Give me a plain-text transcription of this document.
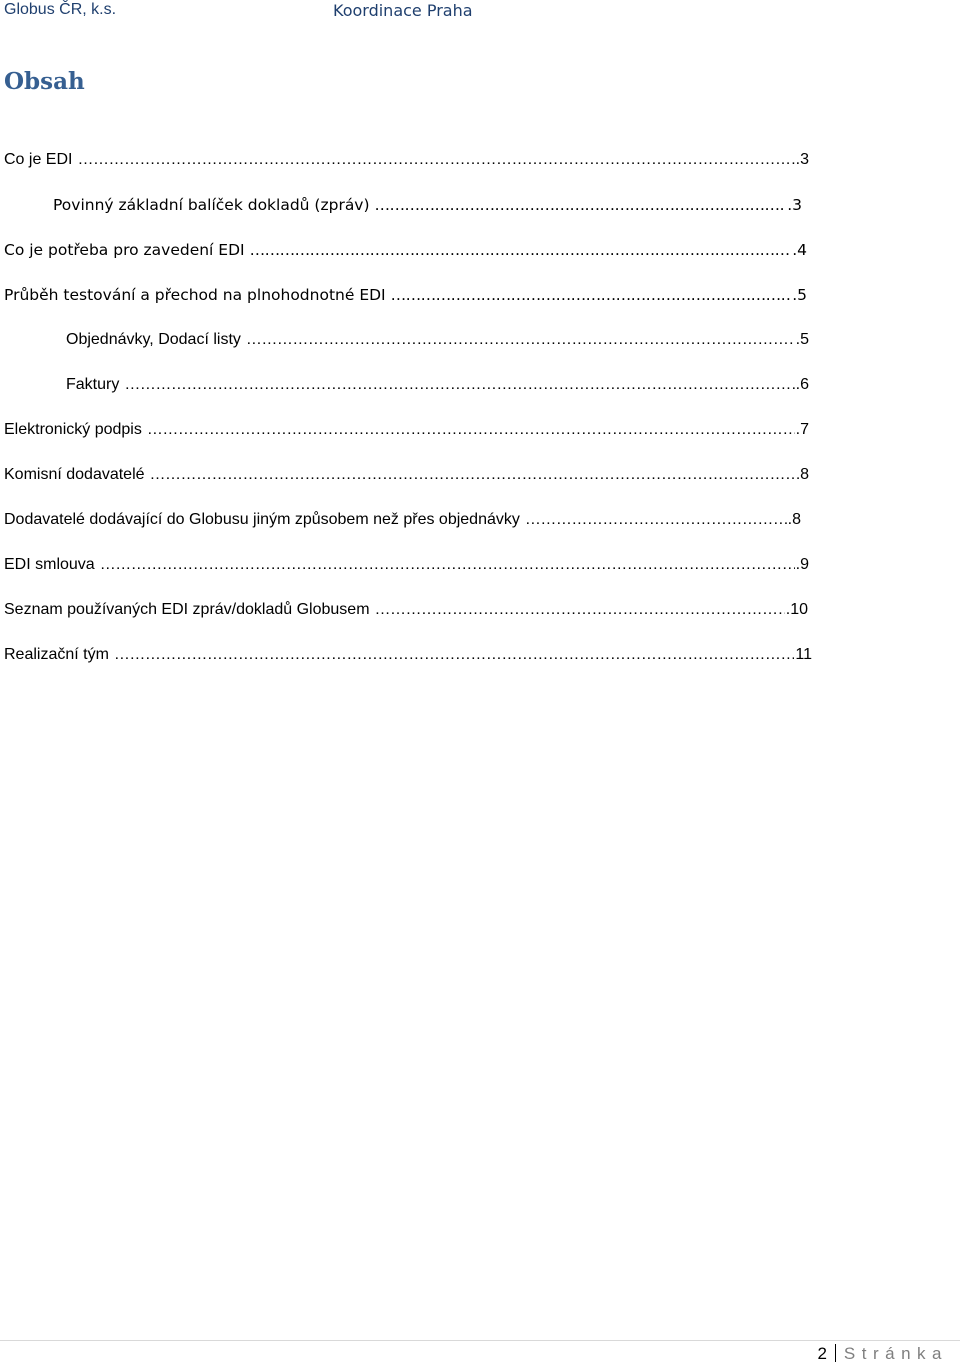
Globus ČR, k.s.	Koordinace Praha
Obsah
Co je EDI …………………………………………………………………………………………………………………………………………………………………………………………………………………………………………………………	.3
Povinný základní balíček dokladů (zpráv) …………………………………………………………………………………………………………………………………………………………………………………………………………………………………………………………	.3
Co je potřeba pro zavedení EDI …………………………………………………………………………………………………………………………………………………………………………………………………………………………………………………………	.4
Průběh testování a přechod na plnohodnotné EDI …………………………………………………………………………………………………………………………………………………………………………………………………………………………………………………………	.5
Objednávky, Dodací listy …………………………………………………………………………………………………………………………………………………………………………………………………………………………………………………………	.5
Faktury …………………………………………………………………………………………………………………………………………………………………………………………………………………………………………………………	.6
Elektronický podpis …………………………………………………………………………………………………………………………………………………………………………………………………………………………………………………………	.7
Komisní dodavatelé …………………………………………………………………………………………………………………………………………………………………………………………………………………………………………………………	8
Dodavatelé dodávající do Globusu jiným způsobem než přes objednávky …………………………………………………………………………………………………………………………………………………………………………………………………………………………………………………………	.8
EDI smlouva …………………………………………………………………………………………………………………………………………………………………………………………………………………………………………………………	.9
Seznam používaných EDI zpráv/dokladů Globusem …………………………………………………………………………………………………………………………………………………………………………………………………………………………………………………………	.10
Realizační tým …………………………………………………………………………………………………………………………………………………………………………………………………………………………………………………………	11
2 Stránka
